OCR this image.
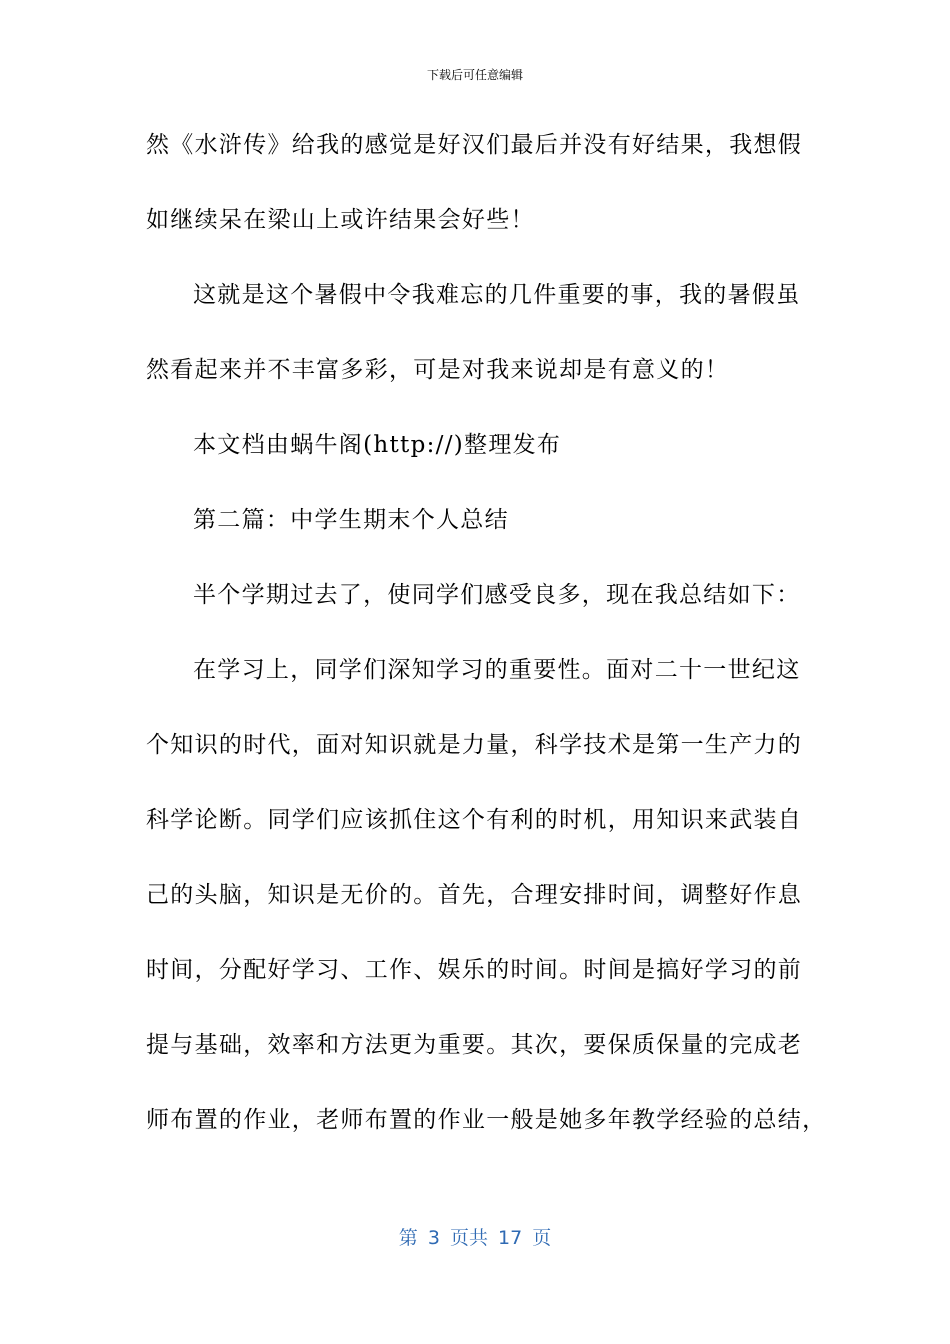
下载后可任意编辑
然《水浒传》给我的感觉是好汉们最后并没有好结果，我想假
如继续呆在梁山上或许结果会好些！
这就是这个暑假中令我难忘的几件重要的事，我的暑假虽
然看起来并不丰富多彩，可是对我来说却是有意义的！
本文档由蜗牛阁(http://)整理发布
第二篇：中学生期末个人总结
半个学期过去了，使同学们感受良多，现在我总结如下：
在学习上，同学们深知学习的重要性。面对二十一世纪这
个知识的时代，面对知识就是力量，科学技术是第一生产力的
科学论断。同学们应该抓住这个有利的时机，用知识来武装自
己的头脑，知识是无价的。首先，合理安排时间，调整好作息
时间，分配好学习、工作、娱乐的时间。时间是搞好学习的前
提与基础，效率和方法更为重要。其次，要保质保量的完成老
师布置的作业，老师布置的作业一般是她多年教学经验的总结，
第 3 页共 17 页
